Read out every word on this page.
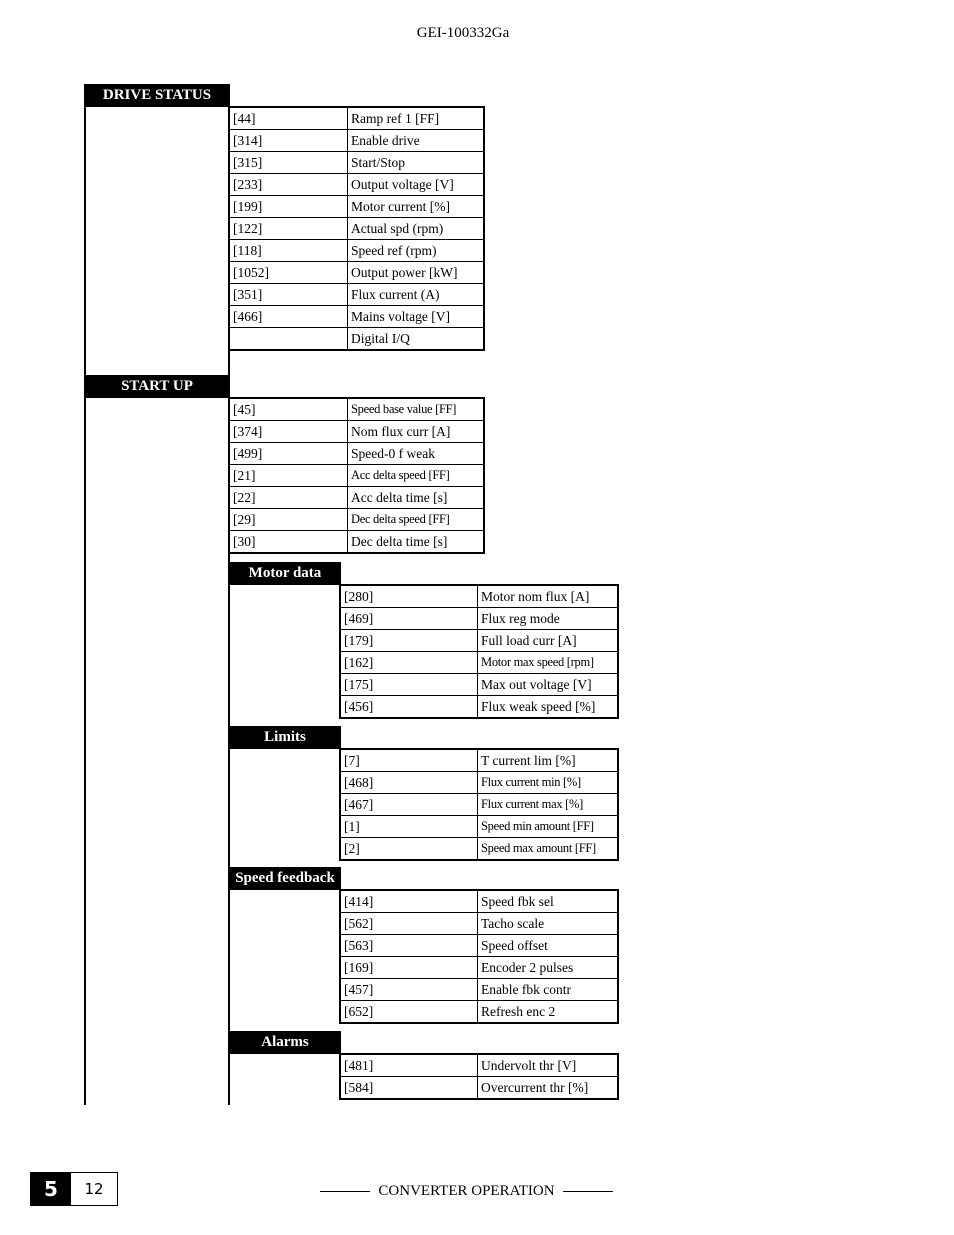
GEI-100332Ga
DRIVE STATUS
[44]	Ramp ref 1 [FF]
[314]	Enable drive
[315]	Start/Stop
[233]	Output voltage [V]
[199]	Motor current [%]
[122]	Actual spd (rpm)
[118]	Speed ref (rpm)
[1052]	Output power [kW]
[351]	Flux current (A)
[466]	Mains voltage [V]
	Digital I/Q
START UP
[45]	Speed base value [FF]
[374]	Nom flux curr [A]
[499]	Speed-0 f weak
[21]	Acc delta speed [FF]
[22]	Acc delta time [s]
[29]	Dec delta speed [FF]
[30]	Dec delta time [s]
Motor data
[280]	Motor nom flux [A]
[469]	Flux reg mode
[179]	Full load curr [A]
[162]	Motor max speed [rpm]
[175]	Max out voltage [V]
[456]	Flux weak speed [%]
Limits
[7]	T current lim [%]
[468]	Flux current min [%]
[467]	Flux current max [%]
[1]	Speed min amount [FF]
[2]	Speed max amount [FF]
Speed feedback
[414]	Speed fbk sel
[562]	Tacho scale
[563]	Speed offset
[169]	Encoder 2 pulses
[457]	Enable fbk contr
[652]	Refresh enc 2
Alarms
[481]	Undervolt thr [V]
[584]	Overcurrent thr [%]
5	12	CONVERTER OPERATION
